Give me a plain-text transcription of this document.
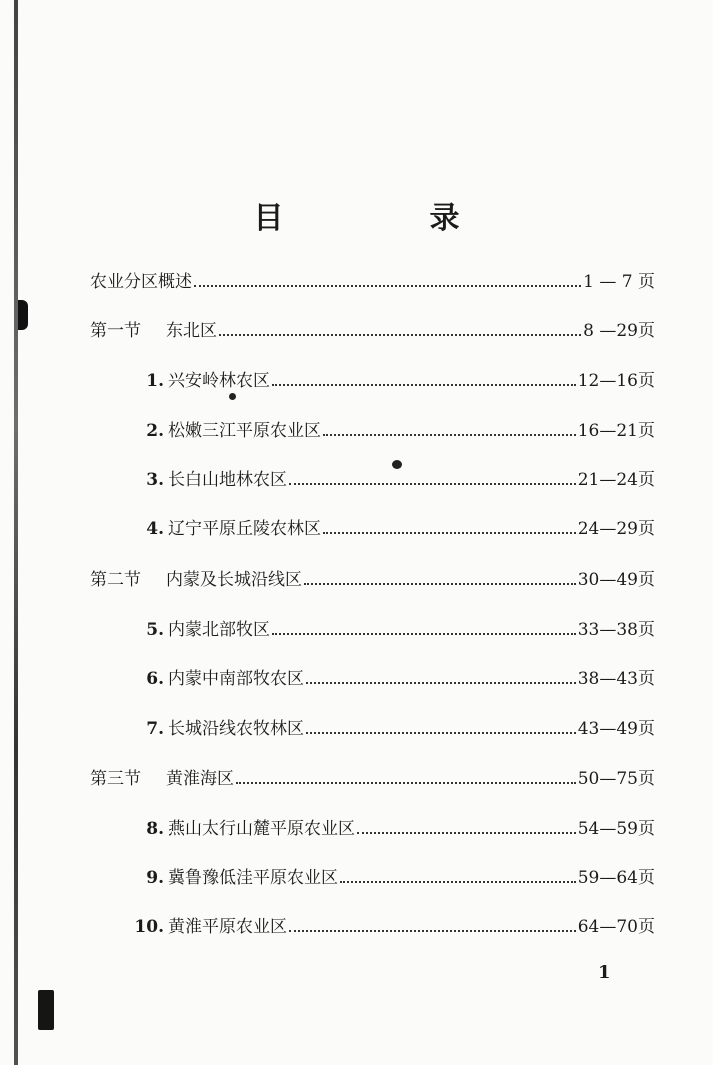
目　录
农业分区概述	1 — 7 页
第一节	东北区	8 —29页
1. 兴安岭林农区	12—16页
2. 松嫩三江平原农业区	16—21页
3. 长白山地林农区	21—24页
4. 辽宁平原丘陵农林区	24—29页
第二节	内蒙及长城沿线区	30—49页
5. 内蒙北部牧区	33—38页
6. 内蒙中南部牧农区	38—43页
7. 长城沿线农牧林区	43—49页
第三节	黄淮海区	50—75页
8. 燕山太行山麓平原农业区	54—59页
9. 冀鲁豫低洼平原农业区	59—64页
10. 黄淮平原农业区	64—70页
1
